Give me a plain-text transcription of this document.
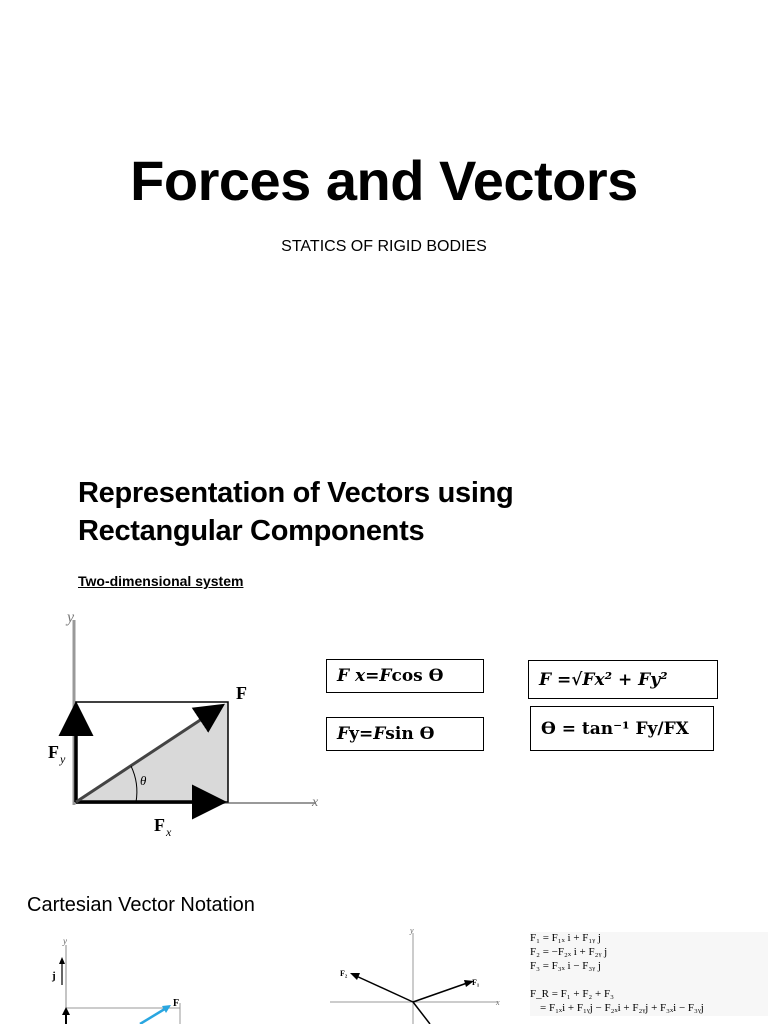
Forces and Vectors
STATICS OF RIGID BODIES
Representation of Vectors using Rectangular Components
Two-dimensional system
y
x
F
F y
F x
θ
F
x = F cos ϴ
F y = F sin ϴ
F =√Fx² + Fy²
ϴ = tan⁻¹ Fy/FX
Cartesian Vector Notation
y
j
F
y
x
F₁
F₂
F₁ = F₁ₓ i + F₁ᵧ j
F₂ = −F₂ₓ i + F₂ᵧ j
F₃ = F₃ₓ i − F₃ᵧ j
F_R = F₁ + F₂ + F₃
= F₁ₓi + F₁ᵧj − F₂ₓi + F₂ᵧj + F₃ₓi − F₃ᵧj
